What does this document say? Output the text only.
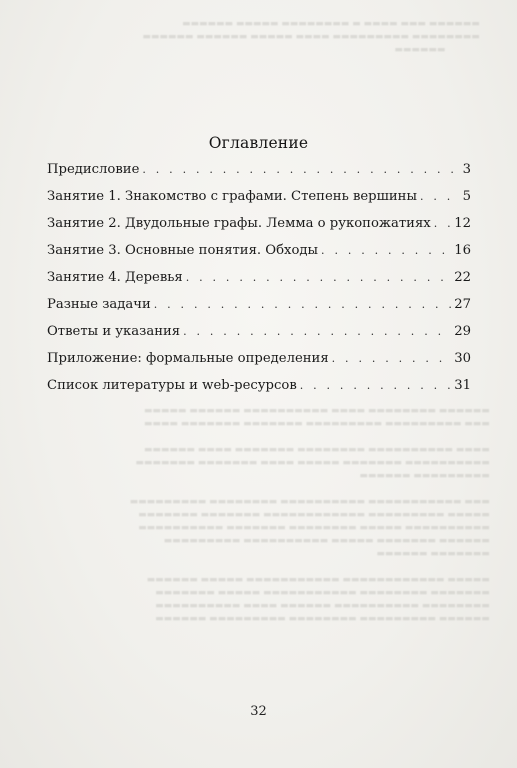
▬▬▬▬▬▬ ▬▬▬ ▬▬▬▬ ▬ ▬▬▬▬▬▬▬▬ ▬▬▬▬▬ ▬▬▬▬▬▬
▬▬▬▬▬▬▬▬ ▬▬▬▬▬▬▬▬▬ ▬▬▬▬ ▬▬▬▬▬ ▬▬▬▬▬▬ ▬▬▬▬▬▬
▬▬▬▬▬▬
▬▬▬▬▬▬ ▬▬▬▬▬▬▬▬ ▬▬▬▬ ▬▬▬▬▬▬▬▬▬▬ ▬▬▬▬▬▬ ▬▬▬▬▬
▬▬▬ ▬▬▬▬▬▬▬▬▬ ▬▬▬▬▬▬▬▬▬ ▬▬▬▬▬▬▬ ▬▬▬▬▬▬▬ ▬▬▬▬

▬▬▬▬ ▬▬▬▬▬▬▬▬▬▬ ▬▬▬▬▬▬▬▬ ▬▬▬▬▬▬▬ ▬▬▬▬ ▬▬▬▬▬▬
▬▬▬▬▬▬▬▬▬▬ ▬▬▬▬▬▬▬ ▬▬▬▬▬ ▬▬▬▬ ▬▬▬▬▬▬▬ ▬▬▬▬▬▬▬
▬▬▬▬▬▬▬▬▬ ▬▬▬▬▬▬

▬▬▬ ▬▬▬▬▬▬▬▬▬▬▬ ▬▬▬▬▬▬▬▬▬▬ ▬▬▬▬▬▬▬▬ ▬▬▬▬▬▬▬▬▬
▬▬▬▬▬ ▬▬▬▬▬▬▬▬▬ ▬▬▬▬▬▬▬▬▬▬▬▬ ▬▬▬▬▬▬▬ ▬▬▬▬▬▬▬
▬▬▬▬▬▬▬▬▬▬ ▬▬▬▬▬ ▬▬▬▬▬▬▬▬ ▬▬▬▬▬▬▬ ▬▬▬▬▬▬▬▬▬▬
▬▬▬▬▬▬ ▬▬▬▬▬▬▬ ▬▬▬▬▬ ▬▬▬▬▬▬▬▬▬▬ ▬▬▬▬▬▬▬▬▬
▬▬▬▬▬▬▬ ▬▬▬▬▬▬

▬▬▬▬▬ ▬▬▬▬▬▬▬▬▬▬▬▬ ▬▬▬▬▬▬▬▬▬▬▬ ▬▬▬▬▬ ▬▬▬▬▬▬
▬▬▬▬▬▬▬ ▬▬▬▬▬▬▬▬ ▬▬▬▬▬▬▬▬▬▬▬ ▬▬▬▬▬ ▬▬▬▬▬▬▬
▬▬▬▬▬▬▬▬ ▬▬▬▬▬▬▬▬▬▬ ▬▬▬▬▬▬ ▬▬▬▬ ▬▬▬▬▬▬▬▬▬▬
▬▬▬▬▬▬ ▬▬▬▬▬▬▬▬▬ ▬▬▬▬▬▬▬▬ ▬▬▬▬▬▬▬▬▬ ▬▬▬▬▬▬
Оглавление
Предисловие . . .	3
Занятие 1. Знакомство с графами. Степень вершины . . .	5
Занятие 2. Двудольные графы. Лемма о рукопожатиях . . . 12
Занятие 3. Основные понятия. Обходы . . .	16
Занятие 4. Деревья . . .	22
Разные задачи . . .	27
Ответы и указания . . .	29
Приложение: формальные определения . . .	30
Список литературы и web-ресурсов . . .	31
32
